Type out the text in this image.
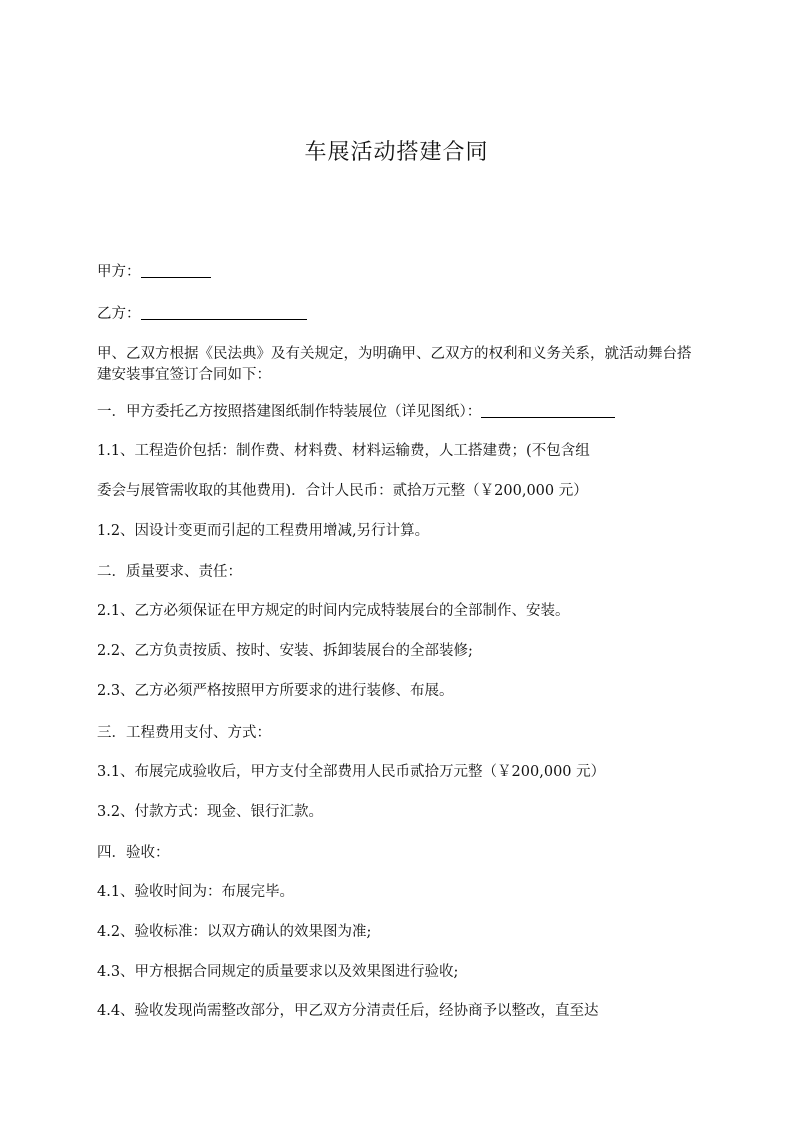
车展活动搭建合同
甲方：
乙方：
甲、乙双方根据《民法典》及有关规定，为明确甲、乙双方的权利和义务关系，就活动舞台搭建安装事宜签订合同如下：
一．甲方委托乙方按照搭建图纸制作特装展位（详见图纸）：
1.1、工程造价包括：制作费、材料费、材料运输费，人工搭建费；(不包含组
委会与展管需收取的其他费用)．合计人民币：贰拾万元整（￥200,000 元）
1.2、因设计变更而引起的工程费用增减,另行计算。
二．质量要求、责任：
2.1、乙方必须保证在甲方规定的时间内完成特装展台的全部制作、安装。
2.2、乙方负责按质、按时、安装、拆卸装展台的全部装修;
2.3、乙方必须严格按照甲方所要求的进行装修、布展。
三．工程费用支付、方式：
3.1、布展完成验收后，甲方支付全部费用人民币贰拾万元整（￥200,000 元）
3.2、付款方式：现金、银行汇款。
四．验收：
4.1、验收时间为：布展完毕。
4.2、验收标准：以双方确认的效果图为准;
4.3、甲方根据合同规定的质量要求以及效果图进行验收;
4.4、验收发现尚需整改部分，甲乙双方分清责任后，经协商予以整改，直至达
